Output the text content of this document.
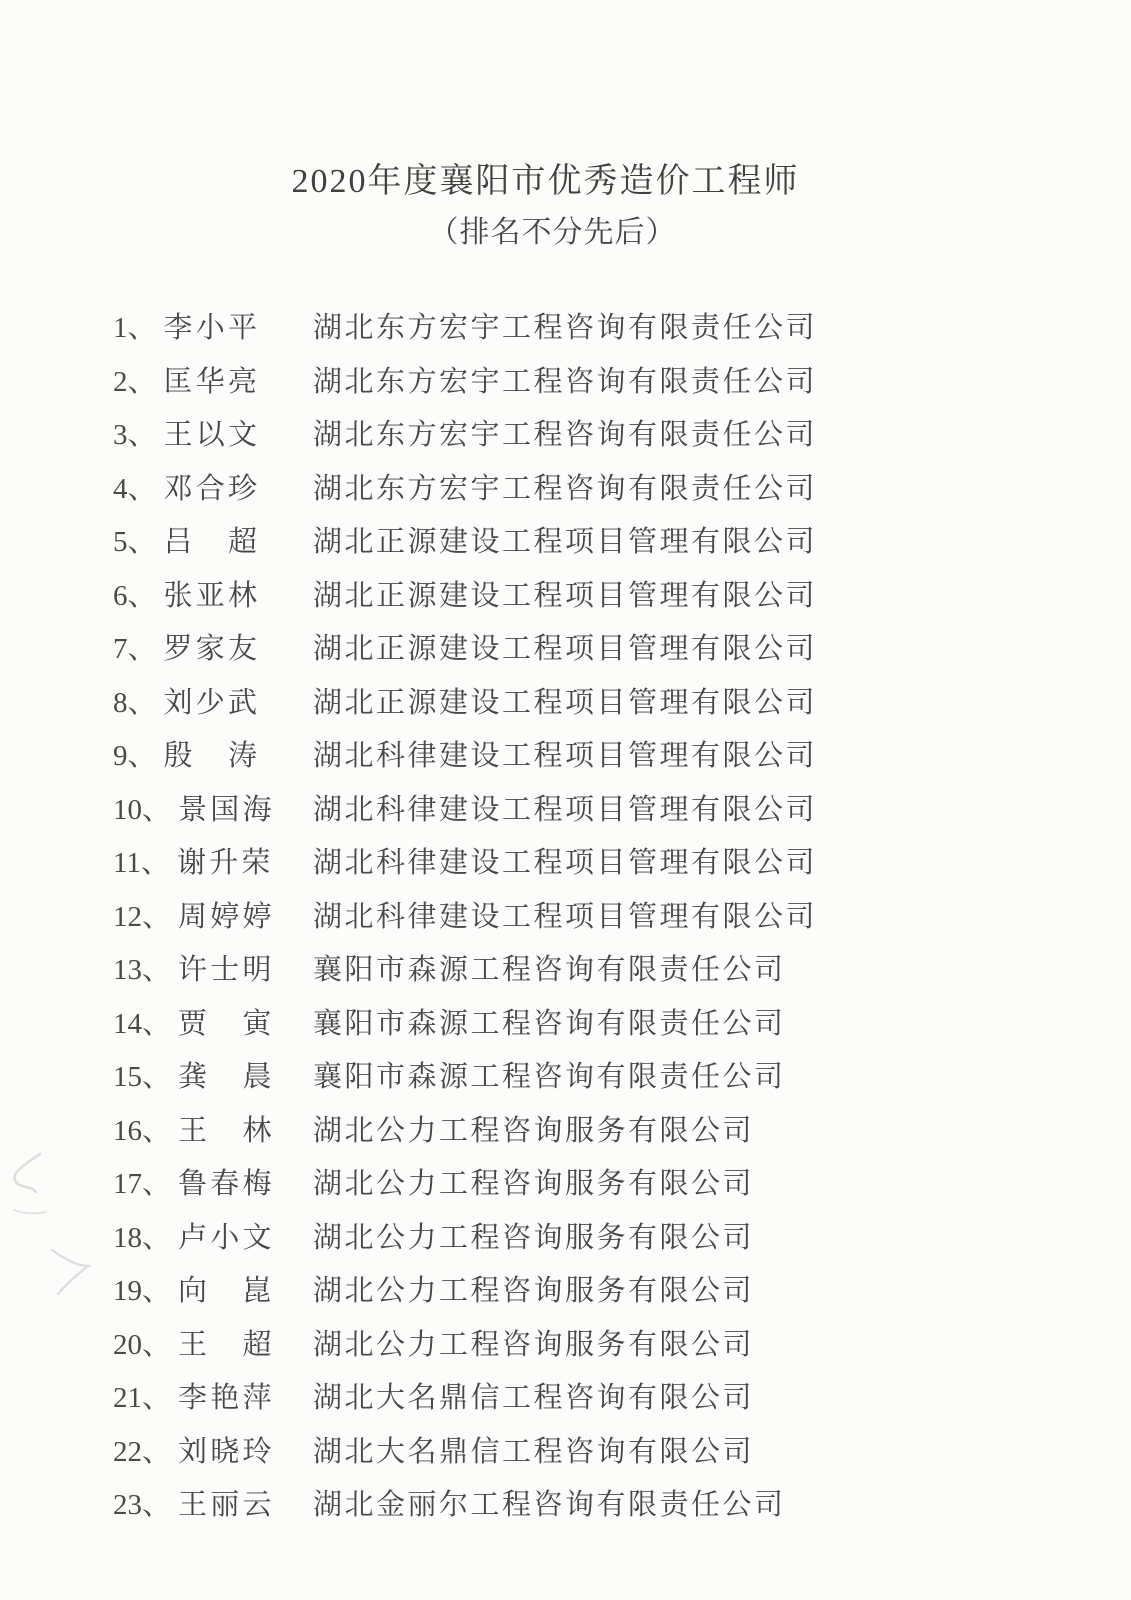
2020年度襄阳市优秀造价工程师
（排名不分先后）
1、 李小平 湖北东方宏宇工程咨询有限责任公司
2、 匡华亮 湖北东方宏宇工程咨询有限责任公司
3、 王以文 湖北东方宏宇工程咨询有限责任公司
4、 邓合珍 湖北东方宏宇工程咨询有限责任公司
5、 吕　超 湖北正源建设工程项目管理有限公司
6、 张亚林 湖北正源建设工程项目管理有限公司
7、 罗家友 湖北正源建设工程项目管理有限公司
8、 刘少武 湖北正源建设工程项目管理有限公司
9、 殷　涛 湖北科律建设工程项目管理有限公司
10、 景国海 湖北科律建设工程项目管理有限公司
11、 谢升荣 湖北科律建设工程项目管理有限公司
12、 周婷婷 湖北科律建设工程项目管理有限公司
13、 许士明 襄阳市森源工程咨询有限责任公司
14、 贾　寅 襄阳市森源工程咨询有限责任公司
15、 龚　晨 襄阳市森源工程咨询有限责任公司
16、 王　林 湖北公力工程咨询服务有限公司
17、 鲁春梅 湖北公力工程咨询服务有限公司
18、 卢小文 湖北公力工程咨询服务有限公司
19、 向　崑 湖北公力工程咨询服务有限公司
20、 王　超 湖北公力工程咨询服务有限公司
21、 李艳萍 湖北大名鼎信工程咨询有限公司
22、 刘晓玲 湖北大名鼎信工程咨询有限公司
23、 王丽云 湖北金丽尔工程咨询有限责任公司
